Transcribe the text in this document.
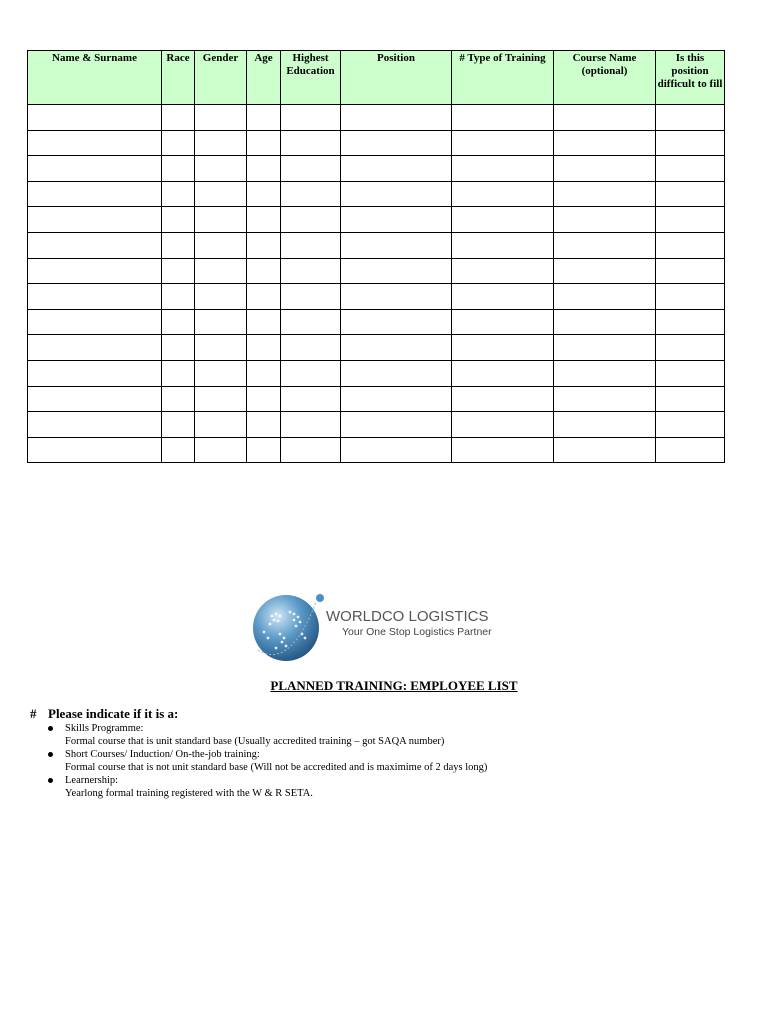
Name & Surname	Race	Gender	Age	Highest Education	Position	# Type of Training	Course Name (optional)	Is this position difficult to fill

WORLDCO LOGISTICS
Your One Stop Logistics Partner
PLANNED TRAINING: EMPLOYEE LIST
# Please indicate if it is a:
Skills Programme:
Formal course that is unit standard base (Usually accredited training – got SAQA number)
Short Courses/ Induction/ On-the-job training:
Formal course that is not unit standard base (Will not be accredited and is maximime of 2 days long)
Learnership:
Yearlong formal training registered with the W & R SETA.
